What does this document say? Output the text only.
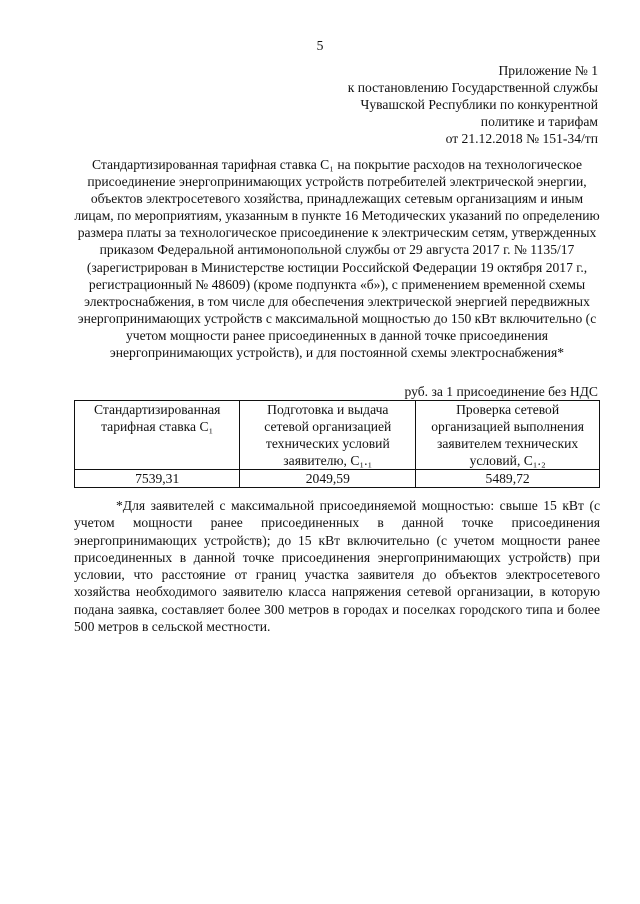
5
Приложение № 1
к постановлению Государственной службы
Чувашской Республики по конкурентной
политике и тарифам
от 21.12.2018 № 151-34/тп
Стандартизированная тарифная ставка С₁ на покрытие расходов на технологическое присоединение энергопринимающих устройств потребителей электрической энергии, объектов электросетевого хозяйства, принадлежащих сетевым организациям и иным лицам, по мероприятиям, указанным в пункте 16 Методических указаний по определению размера платы за технологическое присоединение к электрическим сетям, утвержденных приказом Федеральной антимонопольной службы от 29 августа 2017 г. № 1135/17 (зарегистрирован в Министерстве юстиции Российской Федерации 19 октября 2017 г., регистрационный № 48609) (кроме подпункта «б»), с применением временной схемы электроснабжения, в том числе для обеспечения электрической энергией передвижных энергопринимающих устройств с максимальной мощностью до 150 кВт включительно (с учетом мощности ранее присоединенных в данной точке присоединения энергопринимающих устройств), и для постоянной схемы электроснабжения*
руб. за 1 присоединение без НДС
Стандартизированная тарифная ставка С₁	Подготовка и выдача сетевой организацией технических условий заявителю, С₁.₁	Проверка сетевой организацией выполнения заявителем технических условий, С₁.₂
7539,31	2049,59	5489,72

*Для заявителей с максимальной присоединяемой мощностью: свыше 15 кВт (с учетом мощности ранее присоединенных в данной точке присоединения энергопринимающих устройств); до 15 кВт включительно (с учетом мощности ранее присоединенных в данной точке присоединения энергопринимающих устройств) при условии, что расстояние от границ участка заявителя до объектов электросетевого хозяйства необходимого заявителю класса напряжения сетевой организации, в которую подана заявка, составляет более 300 метров в городах и поселках городского типа и более 500 метров в сельской местности.
